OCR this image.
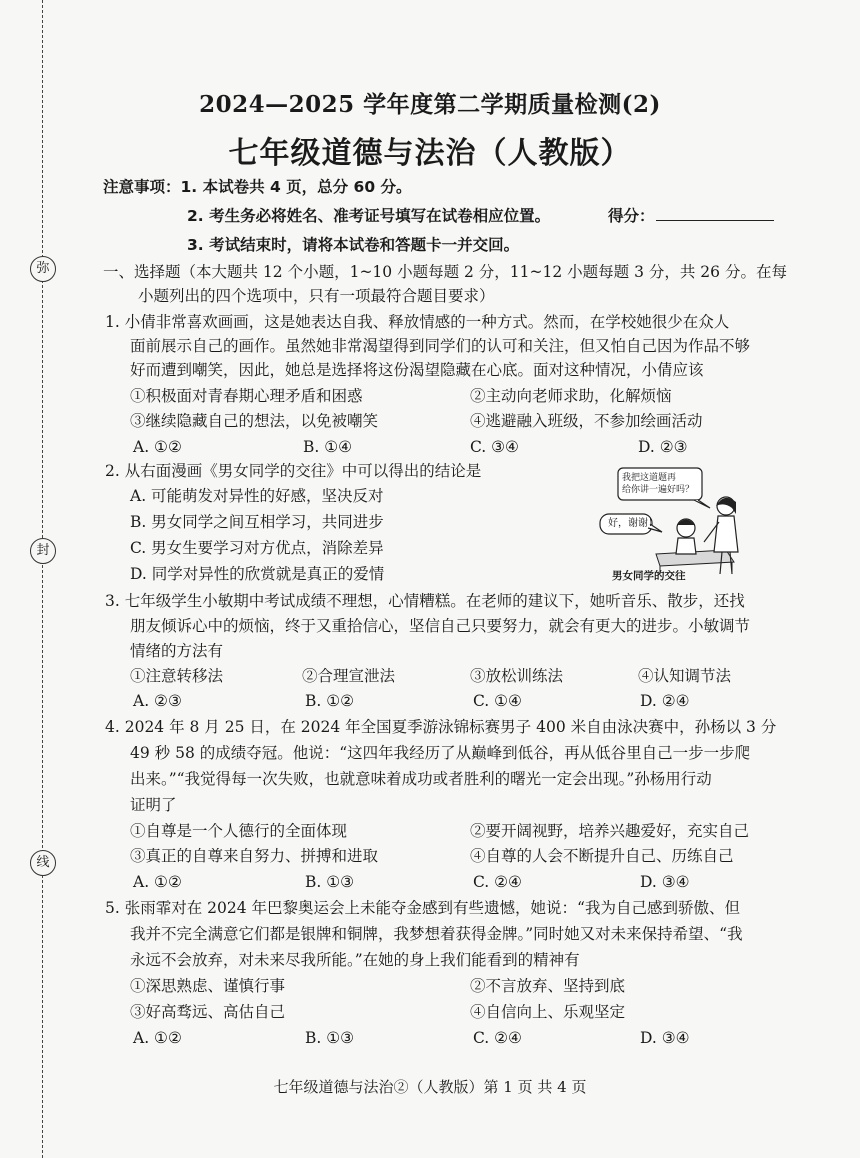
弥
封
线
2024—2025 学年度第二学期质量检测(2)
七年级道德与法治（人教版）
注意事项：1. 本试卷共 4 页，总分 60 分。
2. 考生务必将姓名、准考证号填写在试卷相应位置。	得分：
3. 考试结束时，请将本试卷和答题卡一并交回。
一、选择题（本大题共 12 个小题，1~10 小题每题 2 分，11~12 小题每题 3 分，共 26 分。在每
小题列出的四个选项中，只有一项最符合题目要求）
1. 小倩非常喜欢画画，这是她表达自我、释放情感的一种方式。然而，在学校她很少在众人
面前展示自己的画作。虽然她非常渴望得到同学们的认可和关注，但又怕自己因为作品不够
好而遭到嘲笑，因此，她总是选择将这份渴望隐藏在心底。面对这种情况，小倩应该
①积极面对青春期心理矛盾和困惑	②主动向老师求助，化解烦恼
③继续隐藏自己的想法，以免被嘲笑	④逃避融入班级，不参加绘画活动
A. ①②	B. ①④	C. ③④	D. ②③
2. 从右面漫画《男女同学的交往》中可以得出的结论是
A. 可能萌发对异性的好感，坚决反对
B. 男女同学之间互相学习，共同进步
C. 男女生要学习对方优点，消除差异
D. 同学对异性的欣赏就是真正的爱情
我把这道题再
给你讲一遍好吗？
好，谢谢！
男女同学的交往
3. 七年级学生小敏期中考试成绩不理想，心情糟糕。在老师的建议下，她听音乐、散步，还找
朋友倾诉心中的烦恼，终于又重拾信心，坚信自己只要努力，就会有更大的进步。小敏调节
情绪的方法有
①注意转移法	②合理宣泄法	③放松训练法	④认知调节法
A. ②③	B. ①②	C. ①④	D. ②④
4. 2024 年 8 月 25 日，在 2024 年全国夏季游泳锦标赛男子 400 米自由泳决赛中，孙杨以 3 分
49 秒 58 的成绩夺冠。他说：“这四年我经历了从巅峰到低谷，再从低谷里自己一步一步爬
出来。”“我觉得每一次失败，也就意味着成功或者胜利的曙光一定会出现。”孙杨用行动
证明了
①自尊是一个人德行的全面体现	②要开阔视野，培养兴趣爱好，充实自己
③真正的自尊来自努力、拼搏和进取	④自尊的人会不断提升自己、历练自己
A. ①②	B. ①③	C. ②④	D. ③④
5. 张雨霏对在 2024 年巴黎奥运会上未能夺金感到有些遗憾，她说：“我为自己感到骄傲、但
我并不完全满意它们都是银牌和铜牌，我梦想着获得金牌。”同时她又对未来保持希望、“我
永远不会放弃，对未来尽我所能。”在她的身上我们能看到的精神有
①深思熟虑、谨慎行事	②不言放弃、坚持到底
③好高骛远、高估自己	④自信向上、乐观坚定
A. ①②	B. ①③	C. ②④	D. ③④
七年级道德与法治②（人教版）第 1 页 共 4 页
